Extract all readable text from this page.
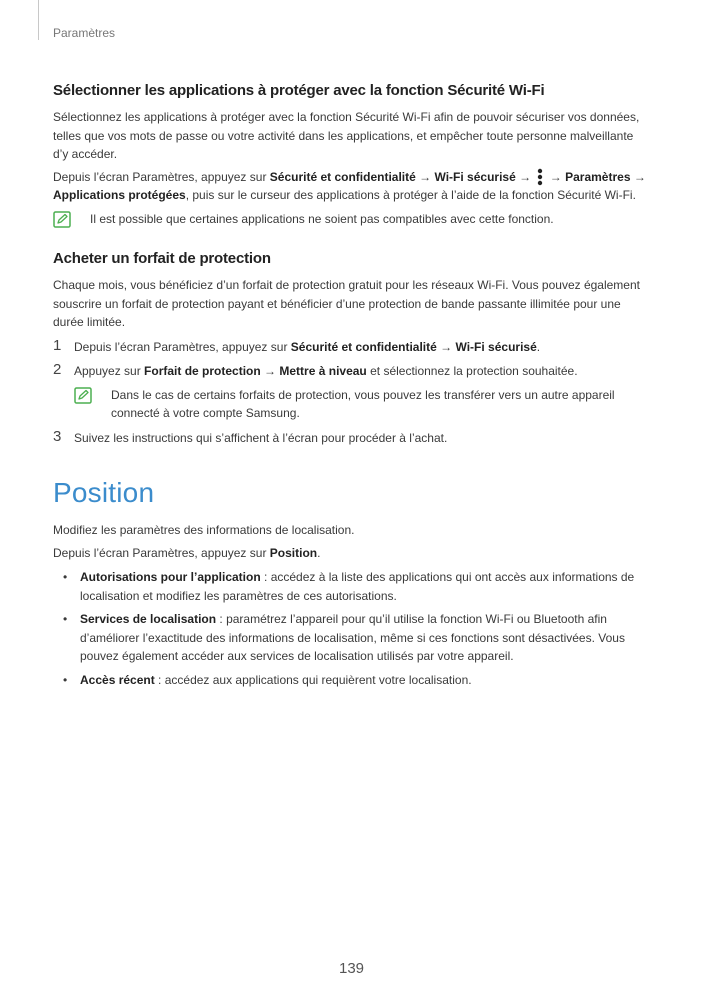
Paramètres
Sélectionner les applications à protéger avec la fonction Sécurité Wi-Fi

Sélectionnez les applications à protéger avec la fonction Sécurité Wi-Fi afin de pouvoir sécuriser vos données, telles que vos mots de passe ou votre activité dans les applications, et empêcher toute personne malveillante d’y accéder.

Depuis l’écran Paramètres, appuyez sur Sécurité et confidentialité → Wi-Fi sécurisé →  → Paramètres → Applications protégées, puis sur le curseur des applications à protéger à l’aide de la fonction Sécurité Wi-Fi.

Il est possible que certaines applications ne soient pas compatibles avec cette fonction.
Acheter un forfait de protection

Chaque mois, vous bénéficiez d’un forfait de protection gratuit pour les réseaux Wi-Fi. Vous pouvez également souscrire un forfait de protection payant et bénéficier d’une protection de bande passante illimitée pour une durée limitée.

1 Depuis l’écran Paramètres, appuyez sur Sécurité et confidentialité → Wi-Fi sécurisé.
2 Appuyez sur Forfait de protection → Mettre à niveau et sélectionnez la protection souhaitée.
Dans le cas de certains forfaits de protection, vous pouvez les transférer vers un autre appareil connecté à votre compte Samsung.
3 Suivez les instructions qui s’affichent à l’écran pour procéder à l’achat.
Position

Modifiez les paramètres des informations de localisation.

Depuis l’écran Paramètres, appuyez sur Position.

• Autorisations pour l’application : accédez à la liste des applications qui ont accès aux informations de localisation et modifiez les paramètres de ces autorisations.
• Services de localisation : paramétrez l’appareil pour qu’il utilise la fonction Wi-Fi ou Bluetooth afin d’améliorer l’exactitude des informations de localisation, même si ces fonctions sont désactivées. Vous pouvez également accéder aux services de localisation utilisés par votre appareil.
• Accès récent : accédez aux applications qui requièrent votre localisation.
139
